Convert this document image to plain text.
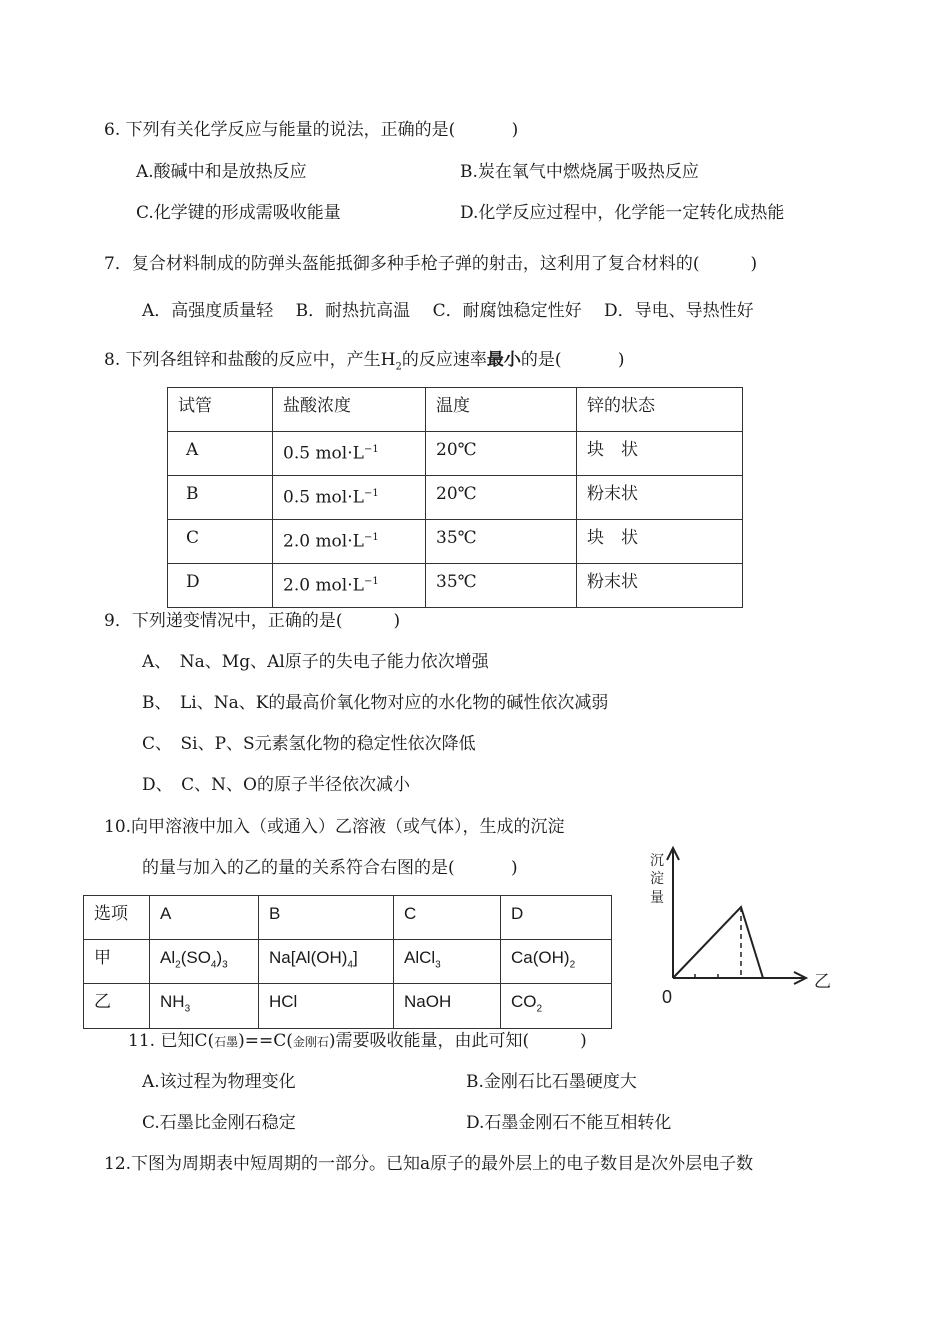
6. 下列有关化学反应与能量的说法，正确的是(　　　 )
A.酸碱中和是放热反应	B.炭在氧气中燃烧属于吸热反应
C.化学键的形成需吸收能量	D.化学反应过程中，化学能一定转化成热能
7．复合材料制成的防弹头盔能抵御多种手枪子弹的射击，这利用了复合材料的(　　　)
A．高强度质量轻　 B．耐热抗高温　 C．耐腐蚀稳定性好　 D．导电、导热性好
8. 下列各组锌和盐酸的反应中，产生$H_2$的反应速率最小的是(　　　 )
试管	盐酸浓度	温度	锌的状态
A	0.5 $mol\cdot L^{-1}$	20℃	块　状
B	0.5 $mol\cdot L^{-1}$	20℃	粉末状
C	2.0 $mol\cdot L^{-1}$	35℃	块　状
D	2.0 $mol\cdot L^{-1}$	35℃	粉末状
9．下列递变情况中，正确的是(　　　)
A、　Na、Mg、Al原子的失电子能力依次增强
B、　Li、Na、K的最高价氧化物对应的水化物的碱性依次减弱
C、　Si、P、S元素氢化物的稳定性依次降低
D、　C、N、O的原子半径依次减小
10.向甲溶液中加入（或通入）乙溶液（或气体），生成的沉淀
的量与加入的乙的量的关系符合右图的是(　　　 )
选项	A	B	C	D
甲	$Al_2(SO_4)_3$	$Na[Al(OH)_4]$	AlCl$_3$	$Ca(OH)_2$
乙	$NH_3$	HCl	NaOH	$CO_2$
沉
淀
量
0
乙
11. 已知C(石墨)==C(金刚石)需要吸收能量，由此可知(　　　)
A.该过程为物理变化	B.金刚石比石墨硬度大
C.石墨比金刚石稳定	D.石墨金刚石不能互相转化
12.下图为周期表中短周期的一部分。已知a原子的最外层上的电子数目是次外层电子数
